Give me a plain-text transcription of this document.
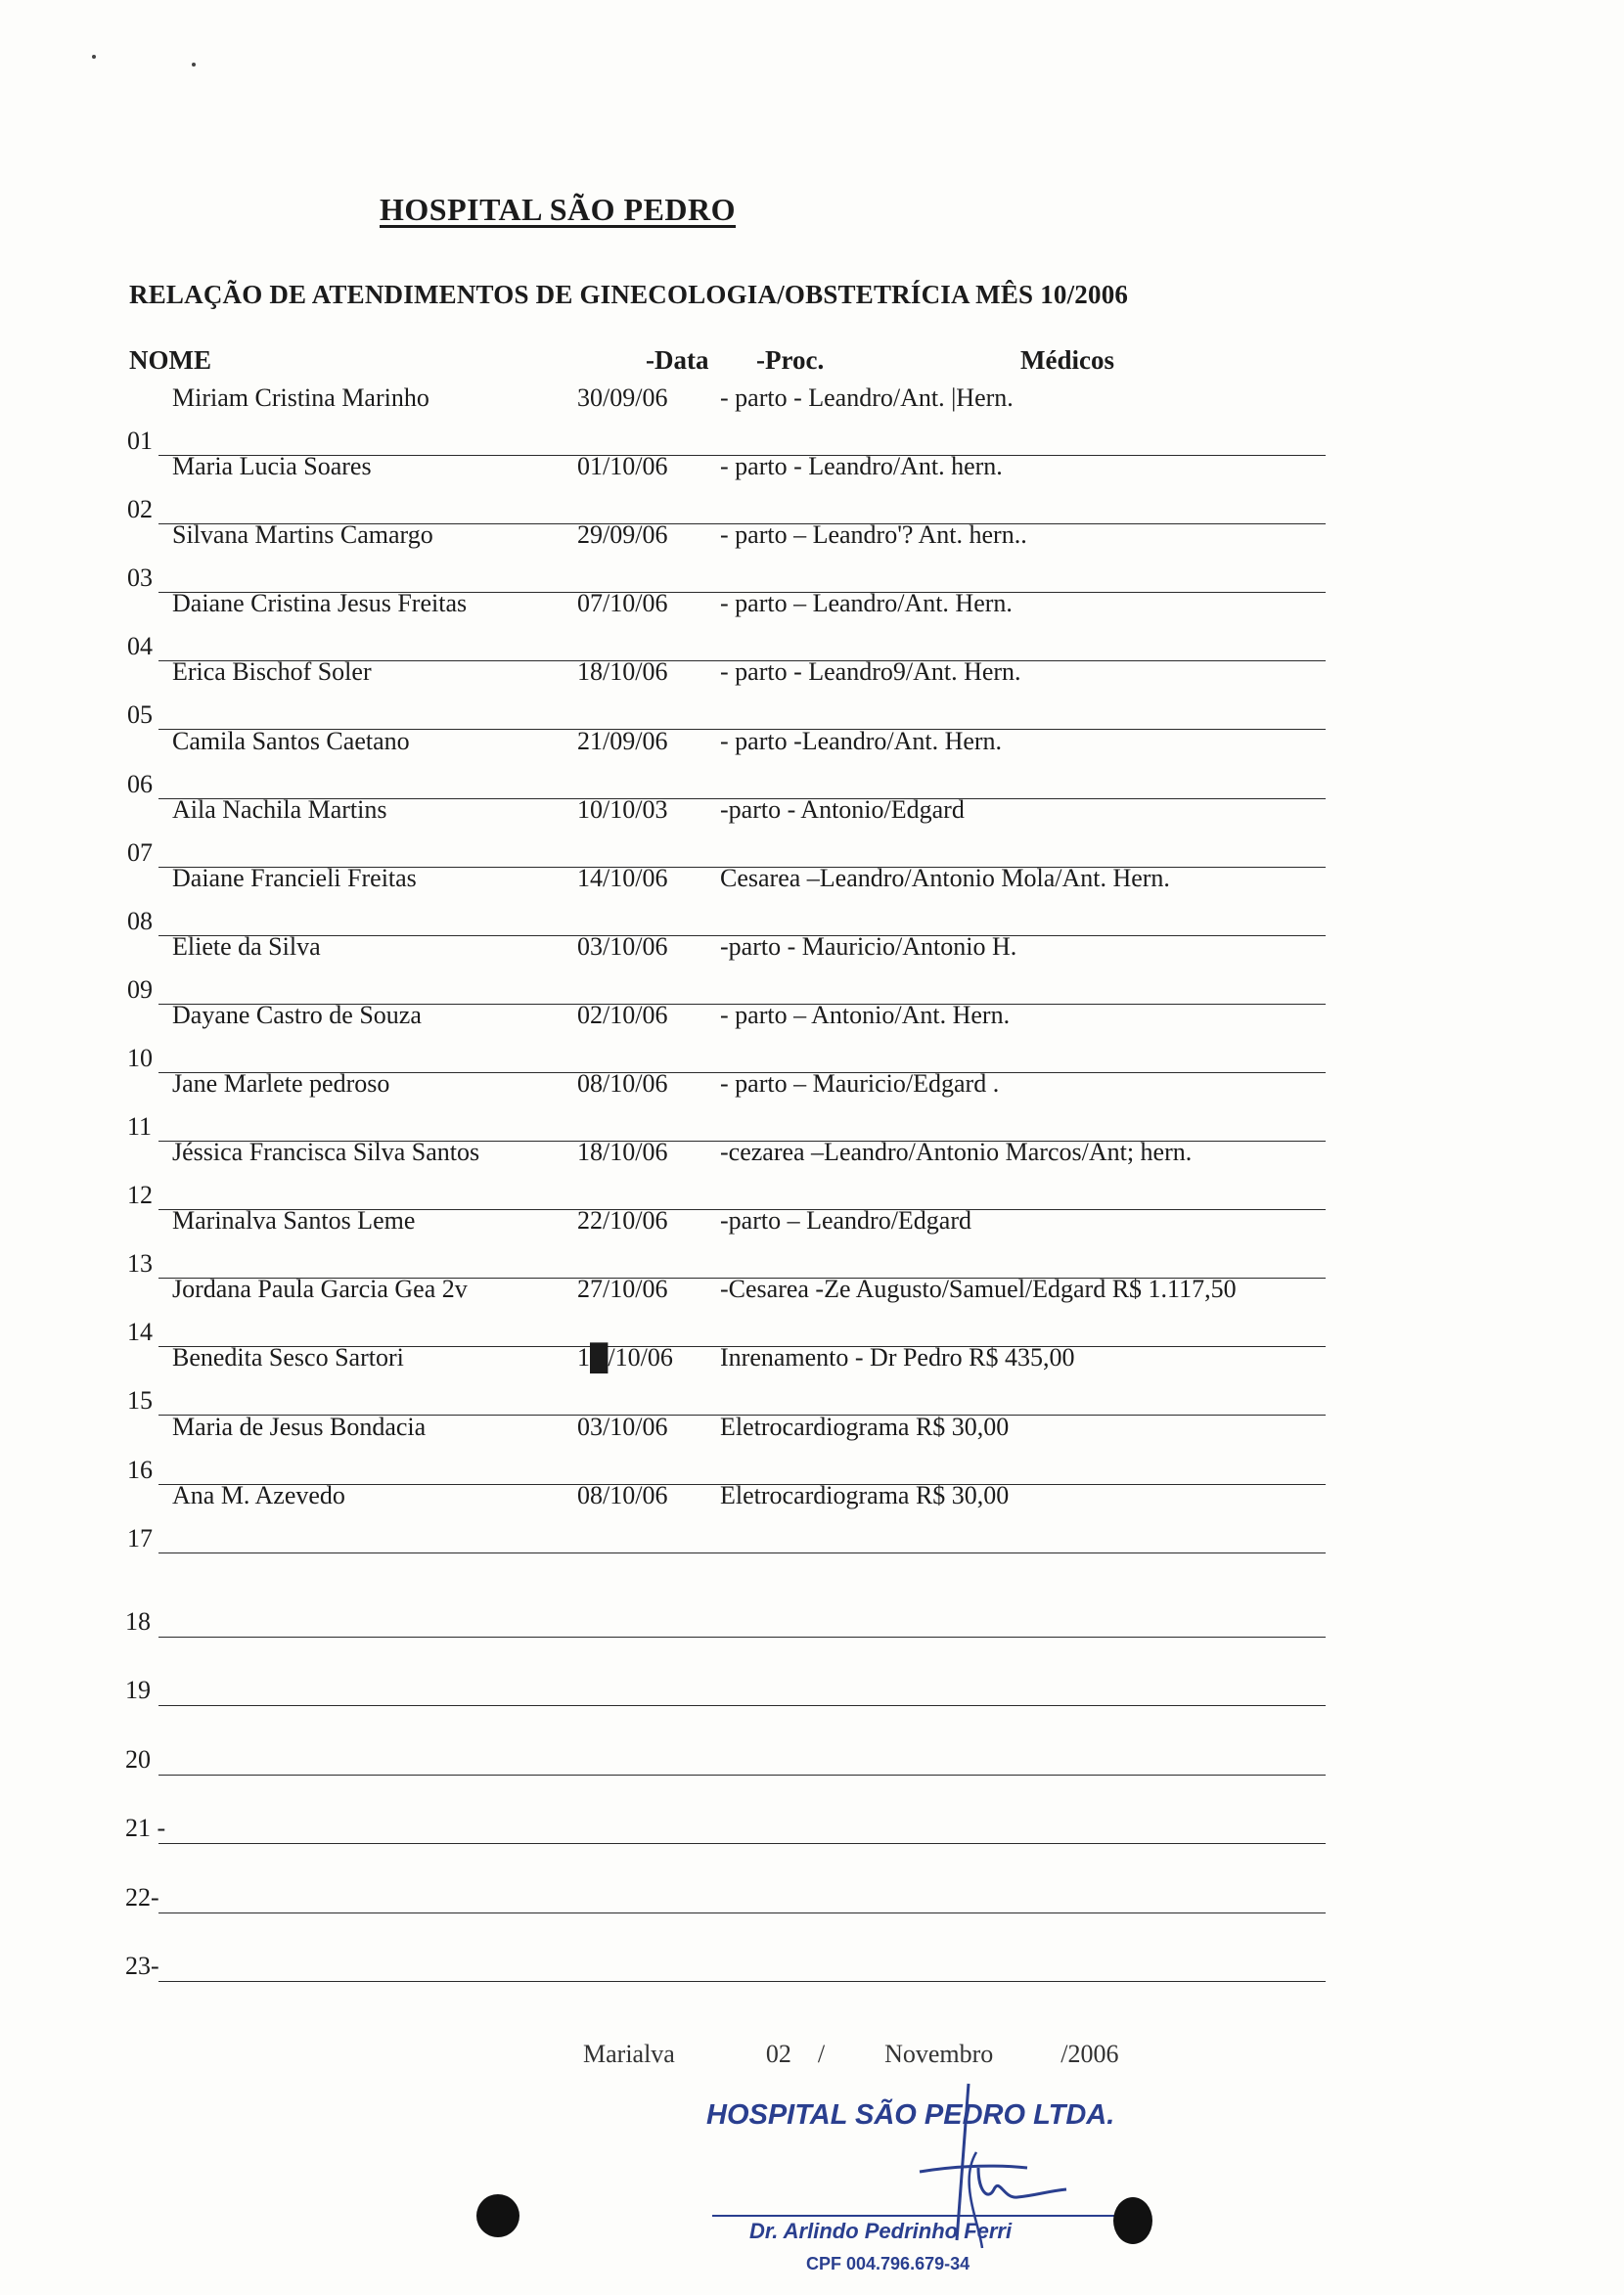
HOSPITAL SÃO PEDRO
RELAÇÃO DE ATENDIMENTOS DE GINECOLOGIA/OBSTETRÍCIA MÊS 10/2006
NOME	-Data -Proc.	Médicos
Miriam Cristina Marinho	30/09/06 - parto - Leandro/Ant. |Hern.
01
Maria Lucia Soares	01/10/06 - parto - Leandro/Ant. hern.
02
Silvana Martins Camargo	29/09/06 - parto – Leandro'? Ant. hern..
03
Daiane Cristina Jesus Freitas	07/10/06 - parto – Leandro/Ant. Hern.
04
Erica Bischof Soler	18/10/06 - parto - Leandro9/Ant. Hern.
05
Camila Santos Caetano	21/09/06 - parto -Leandro/Ant. Hern.
06
Aila Nachila Martins	10/10/03 -parto - Antonio/Edgard
07
Daiane Francieli Freitas	14/10/06 Cesarea –Leandro/Antonio Mola/Ant. Hern.
08
Eliete da Silva	03/10/06 -parto - Mauricio/Antonio H.
09
Dayane Castro de Souza	02/10/06 - parto – Antonio/Ant. Hern.
10
Jane Marlete pedroso	08/10/06 - parto – Mauricio/Edgard .
11
Jéssica Francisca Silva Santos	18/10/06 -cezarea –Leandro/Antonio Marcos/Ant; hern.
12
Marinalva Santos Leme	22/10/06 -parto – Leandro/Edgard
13
Jordana Paula Garcia Gea 2v	27/10/06 -Cesarea -Ze Augusto/Samuel/Edgard R$ 1.117,50
14
Benedita Sesco Sartori	1█/10/06 Inrenamento - Dr Pedro R$ 435,00
15
Maria de Jesus Bondacia	03/10/06 Eletrocardiograma R$ 30,00
16
Ana M. Azevedo	08/10/06 Eletrocardiograma R$ 30,00
17
18
19
20
21 -
22-
23-
Marialva	02 / Novembro	/2006
HOSPITAL SÃO PEDRO LTDA.
Dr. Arlindo Pedrinho Ferri
CPF 004.796.679-34
